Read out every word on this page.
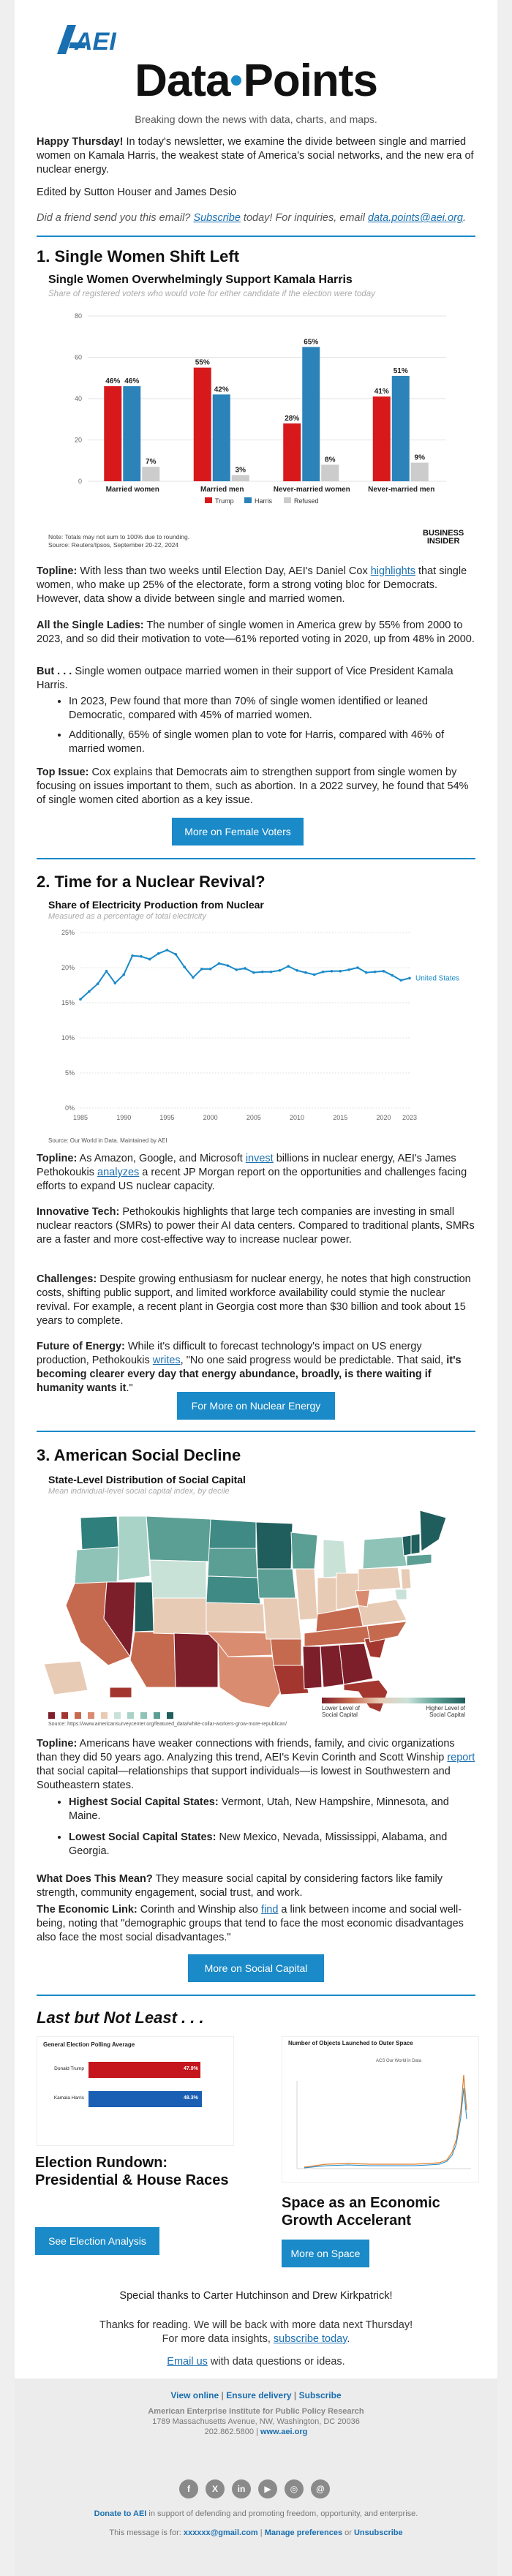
AEI
Data Points
Breaking down the news with data, charts, and maps.

Happy Thursday! In today's newsletter, we examine the divide between single and married women on Kamala Harris, the weakest state of America's social networks, and the new era of nuclear energy.

Edited by Sutton Houser and James Desio

Did a friend send you this email? Subscribe today! For inquiries, email data.points@aei.org.

1. Single Women Shift Left
Single Women Overwhelmingly Support Kamala Harris
Share of registered voters who would vote for either candidate if the election were today
0
20
40
60
80
46% 46%
7%
Married women
55%
42%
3%
Married men
28%
65%
8%
Never-married women
41%
51%
9%
Never-married men
Trump	Harris	Refused
Note: Totals may not sum to 100% due to rounding.
Source: Reuters/Ipsos, September 20-22, 2024
BUSINESS
INSIDER

Topline: With less than two weeks until Election Day, AEI's Daniel Cox highlights that single women, who make up 25% of the electorate, form a strong voting bloc for Democrats. However, data show a divide between single and married women.

All the Single Ladies: The number of single women in America grew by 55% from 2000 to 2023, and so did their motivation to vote—61% reported voting in 2020, up from 48% in 2000.

But . . . Single women outpace married women in their support of Vice President Kamala Harris.

• In 2023, Pew found that more than 70% of single women identified or leaned Democratic, compared with 45% of married women.
• Additionally, 65% of single women plan to vote for Harris, compared with 46% of married women.

Top Issue: Cox explains that Democrats aim to strengthen support from single women by focusing on issues important to them, such as abortion. In a 2022 survey, he found that 54% of single women cited abortion as a key issue.

More on Female Voters
2. Time for a Nuclear Revival?
Share of Electricity Production from Nuclear
Measured as a percentage of total electricity
0%
5%
10%
15%
20%
25%
1985	1990	1995	2000	2005	2010	2015	2020 2023
United States
Source: Our World in Data. Maintained by AEI

Topline: As Amazon, Google, and Microsoft invest billions in nuclear energy, AEI's James Pethokoukis analyzes a recent JP Morgan report on the opportunities and challenges facing efforts to expand US nuclear capacity.

Innovative Tech: Pethokoukis highlights that large tech companies are investing in small nuclear reactors (SMRs) to power their AI data centers. Compared to traditional plants, SMRs are a faster and more cost-effective way to increase nuclear power.

Challenges: Despite growing enthusiasm for nuclear energy, he notes that high construction costs, shifting public support, and limited workforce availability could stymie the nuclear revival. For example, a recent plant in Georgia cost more than $30 billion and took about 15 years to complete.

Future of Energy: While it's difficult to forecast technology's impact on US energy production, Pethokoukis writes, "No one said progress would be predictable. That said, it's becoming clearer every day that energy abundance, broadly, is there waiting if humanity wants it."

For More on Nuclear Energy
3. American Social Decline
State-Level Distribution of Social Capital
Mean individual-level social capital index, by decile
Lower Level of Social Capital
Higher Level of Social Capital
Source: https://www.americansurveycenter.org/featured_data/white-collar-workers-grow-more-republican/

Topline: Americans have weaker connections with friends, family, and civic organizations than they did 50 years ago. Analyzing this trend, AEI's Kevin Corinth and Scott Winship report that social capital—relationships that support individuals—is lowest in Southwestern and Southeastern states.

• Highest Social Capital States: Vermont, Utah, New Hampshire, Minnesota, and Maine.
• Lowest Social Capital States: New Mexico, Nevada, Mississippi, Alabama, and Georgia.

What Does This Mean? They measure social capital by considering factors like family strength, community engagement, social trust, and work.

The Economic Link: Corinth and Winship also find a link between income and social well-being, noting that "demographic groups that tend to face the most economic disadvantages also face the most social disadvantages."

More on Social Capital
Last but Not Least . . .
General Election Polling Average
Donald Trump	47.9%
Kamala Harris	48.3%
Election Rundown: Presidential & House Races
See Election Analysis
Number of Objects Launched to Outer Space
ACS Our World in Data
Space as an Economic Growth Accelerant
More on Space

Special thanks to Carter Hutchinson and Drew Kirkpatrick!

Thanks for reading. We will be back with more data next Thursday!

For more data insights, subscribe today.

Email us with data questions or ideas.

View online | Ensure delivery | Subscribe
American Enterprise Institute for Public Policy Research
1789 Massachusetts Avenue, NW, Washington, DC 20036
202.862.5800 | www.aei.org
f	X	in	▶	◎	@
Donate to AEI in support of defending and promoting freedom, opportunity, and enterprise.
This message is for: xxxxxx@gmail.com | Manage preferences or Unsubscribe
